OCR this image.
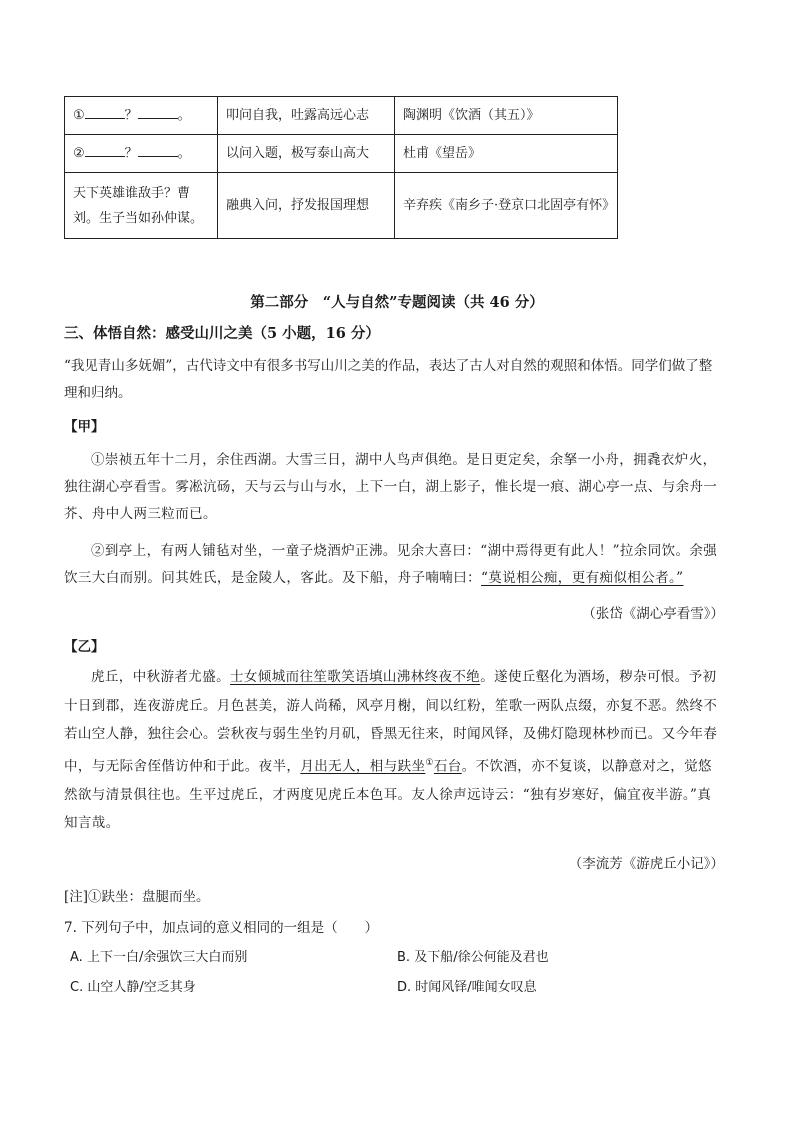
① ？ 。	叩问自我，吐露高远心志	陶渊明《饮酒（其五）》
② ？ 。	以问入题，极写泰山高大	杜甫《望岳》
天下英雄谁敌手？曹刘。生子当如孙仲谋。	融典入问，抒发报国理想	辛弃疾《南乡子·登京口北固亭有怀》
第二部分　“人与自然”专题阅读（共 46 分）
三、体悟自然：感受山川之美（5 小题，16 分）
“我见青山多妩媚”，古代诗文中有很多书写山川之美的作品，表达了古人对自然的观照和体悟。同学们做了整理和归纳。
【甲】
①崇祯五年十二月，余住西湖。大雪三日，湖中人鸟声俱绝。是日更定矣，余拏一小舟，拥毳衣炉火，独往湖心亭看雪。雾凇沆砀，天与云与山与水，上下一白，湖上影子，惟长堤一痕、湖心亭一点、与余舟一芥、舟中人两三粒而已。
②到亭上，有两人铺毡对坐，一童子烧酒炉正沸。见余大喜曰：“湖中焉得更有此人！”拉余同饮。余强饮三大白而别。问其姓氏，是金陵人，客此。及下船，舟子喃喃曰：“莫说相公痴，更有痴似相公者。”
（张岱《湖心亭看雪》）
【乙】
虎丘，中秋游者尤盛。士女倾城而往笙歌笑语填山沸林终夜不绝。遂使丘壑化为酒场，秽杂可恨。予初十日到郡，连夜游虎丘。月色甚美，游人尚稀，风亭月榭，间以红粉，笙歌一两队点缀，亦复不恶。然终不若山空人静，独往会心。尝秋夜与弱生坐钓月矶，昏黑无往来，时闻风铎，及佛灯隐现林杪而已。又今年春中，与无际舍侄偕访仲和于此。夜半，月出无人，相与趺坐①石台。不饮酒，亦不复谈，以静意对之，觉悠然欲与清景俱往也。生平过虎丘，才两度见虎丘本色耳。友人徐声远诗云：“独有岁寒好，偏宜夜半游。”真知言哉。
（李流芳《游虎丘小记》）
[注]①趺坐：盘腿而坐。
7. 下列句子中，加点词的意义相同的一组是（　　）
A. 上下一白/余强饮三大白而别	B. 及下船/徐公何能及君也
C. 山空人静/空乏其身	D. 时闻风铎/唯闻女叹息
